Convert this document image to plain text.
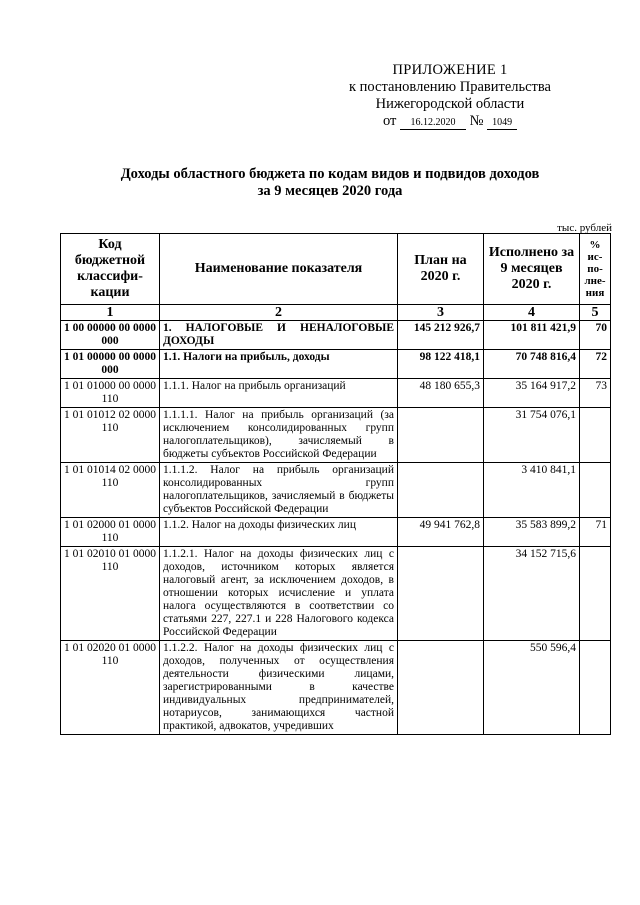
ПРИЛОЖЕНИЕ 1
к постановлению Правительства
Нижегородской области
от 16.12.2020 № 1049
Доходы областного бюджета по кодам видов и подвидов доходов
за 9 месяцев 2020 года
тыс. рублей
Код бюджетной классифи-кации	Наименование показателя	План на 2020 г.	Исполнено за 9 месяцев 2020 г.	% ис-по-лне-ния
1	2	3	4	5
1 00 00000 00 0000 000	1. НАЛОГОВЫЕ И НЕНАЛОГОВЫЕ ДОХОДЫ	145 212 926,7	101 811 421,9	70
1 01 00000 00 0000 000	1.1. Налоги на прибыль, доходы	98 122 418,1	70 748 816,4	72
1 01 01000 00 0000 110	1.1.1. Налог на прибыль организаций	48 180 655,3	35 164 917,2	73
1 01 01012 02 0000 110	1.1.1.1. Налог на прибыль организаций (за исключением консолидированных групп налогоплательщиков), зачисляемый в бюджеты субъектов Российской Федерации		31 754 076,1	
1 01 01014 02 0000 110	1.1.1.2. Налог на прибыль организаций консолидированных групп налогоплательщиков, зачисляемый в бюджеты субъектов Российской Федерации		3 410 841,1	
1 01 02000 01 0000 110	1.1.2. Налог на доходы физических лиц	49 941 762,8	35 583 899,2	71
1 01 02010 01 0000 110	1.1.2.1. Налог на доходы физических лиц с доходов, источником которых является налоговый агент, за исключением доходов, в отношении которых исчисление и уплата налога осуществляются в соответствии со статьями 227, 227.1 и 228 Налогового кодекса Российской Федерации		34 152 715,6	
1 01 02020 01 0000 110	1.1.2.2. Налог на доходы физических лиц с доходов, полученных от осуществления деятельности физическими лицами, зарегистрированными в качестве индивидуальных предпринимателей, нотариусов, занимающихся частной практикой, адвокатов, учредивших		550 596,4	
